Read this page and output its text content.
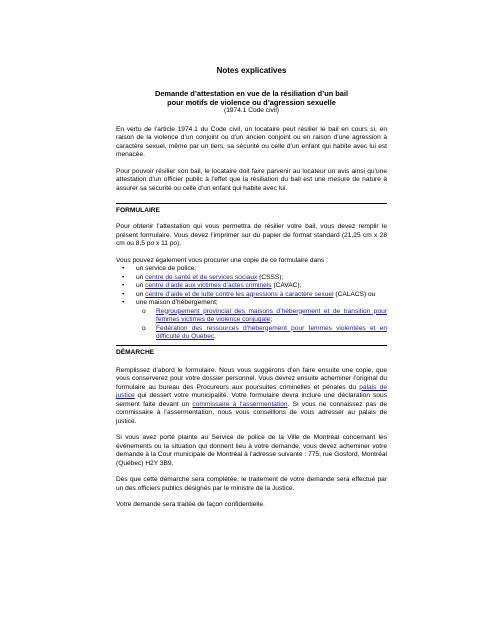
Notes explicatives
Demande d’attestation en vue de la résiliation d’un bail
pour motifs de violence ou d’agression sexuelle

(1974.1 Code civil)

En vertu de l’article 1974.1 du Code civil, un locataire peut résilier le bail en cours si, en raison de la violence d’un conjoint ou d’un ancien conjoint ou en raison d’une agression à caractère sexuel, même par un tiers, sa sécurité ou celle d’un enfant qui habite avec lui est menacée.

Pour pouvoir résilier son bail, le locataire doit faire parvenir au locateur un avis ainsi qu’une attestation d’un officier public à l’effet que la résiliation du bail est une mesure de nature à assurer sa sécurité ou celle d’un enfant qui habite avec lui.

FORMULAIRE

Pour obtenir l’attestation qui vous permettra de résilier votre bail, vous devez remplir le présent formulaire. Vous devez l’imprimer sur du papier de format standard (21,25 cm x 28 cm ou 8,5 po x 11 po).

Vous pouvez également vous procurer une copie de ce formulaire dans :

• un service de police;
• un centre de santé et de services sociaux (CSSS);
• un centre d’aide aux victimes d’actes criminels (CAVAC);
• un centre d’aide et de lutte contre les agressions à caractère sexuel (CALACS) ou
• une maison d’hébergement;
o Regroupement provincial des maisons d’hébergement et de transition pour femmes victimes de violence conjugale;
o Fédération des ressources d’hébergement pour femmes violentées et en difficulté du Québec.

DÉMARCHE

Remplissez d’abord le formulaire. Nous vous suggérons d’en faire ensuite une copie, que vous conserverez pour votre dossier personnel. Vous devrez ensuite acheminer l’original du formulaire au bureau des Procureurs aux poursuites criminelles et pénales du palais de justice qui dessert votre municipalité. Votre formulaire devra inclure une déclaration sous serment faite devant un commissaire à l’assermentation. Si vous ne connaissez pas de commissaire à l’assermentation, nous vous conseillons de vous adresser au palais de justice.

Si vous avez porté plainte au Service de police de la Ville de Montréal concernant les événements ou la situation qui donnent lieu à votre demande, vous devez acheminer votre demande à la Cour municipale de Montréal à l’adresse suivante : 775, rue Gosford, Montréal (Québec) H2Y 3B9.

Dès que cette démarche sera complétée, le traitement de votre demande sera effectué par un des officiers publics désignés par le ministre de la Justice.

Votre demande sera traitée de façon confidentielle.
